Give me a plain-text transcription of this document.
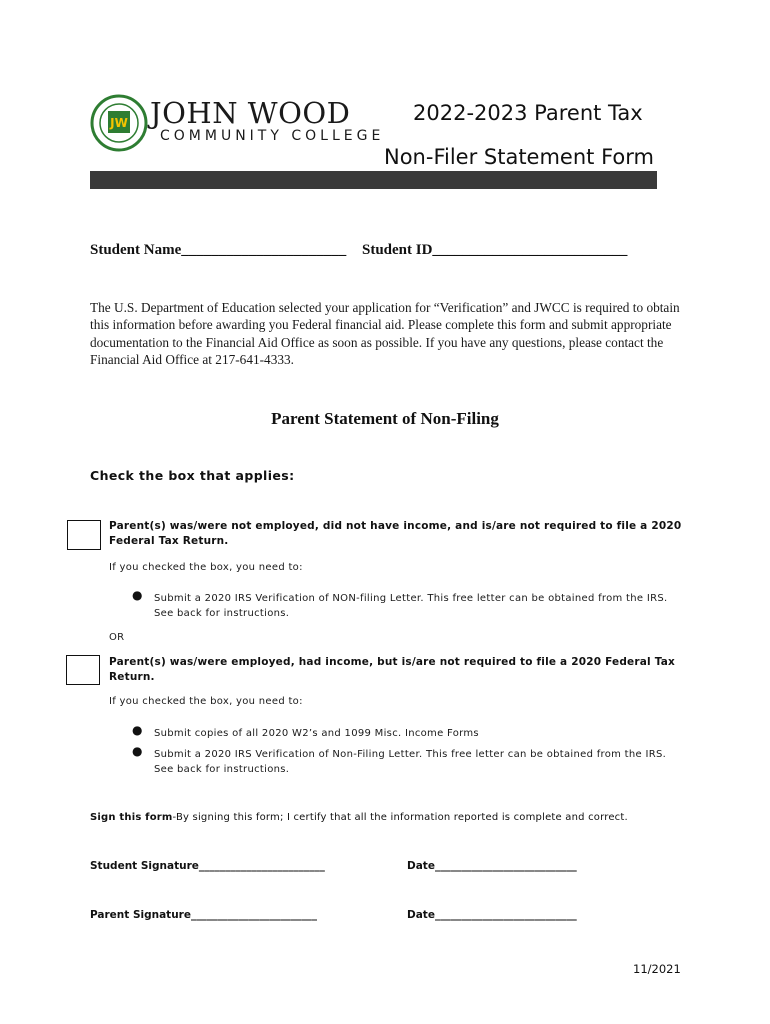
JW JOHN WOOD
COMMUNITY COLLEGE
2022-2023 Parent Tax
Non-Filer Statement Form
Student Name______________________ Student ID__________________________
The U.S. Department of Education selected your application for “Verification” and JWCC is required to obtain this information before awarding you Federal financial aid. Please complete this form and submit appropriate documentation to the Financial Aid Office as soon as possible. If you have any questions, please contact the Financial Aid Office at 217-641-4333.
Parent Statement of Non-Filing
Check the box that applies:
Parent(s) was/were not employed, did not have income, and is/are not required to file a 2020 Federal Tax Return.
If you checked the box, you need to:
● Submit a 2020 IRS Verification of NON-filing Letter. This free letter can be obtained from the IRS. See back for instructions.
OR
Parent(s) was/were employed, had income, but is/are not required to file a 2020 Federal Tax Return.
If you checked the box, you need to:
● Submit copies of all 2020 W2’s and 1099 Misc. Income Forms
● Submit a 2020 IRS Verification of Non-Filing Letter. This free letter can be obtained from the IRS. See back for instructions.
Sign this form-By signing this form; I certify that all the information reported is complete and correct.
Student Signature________________________	Date___________________________
Parent Signature________________________	Date___________________________
11/2021
